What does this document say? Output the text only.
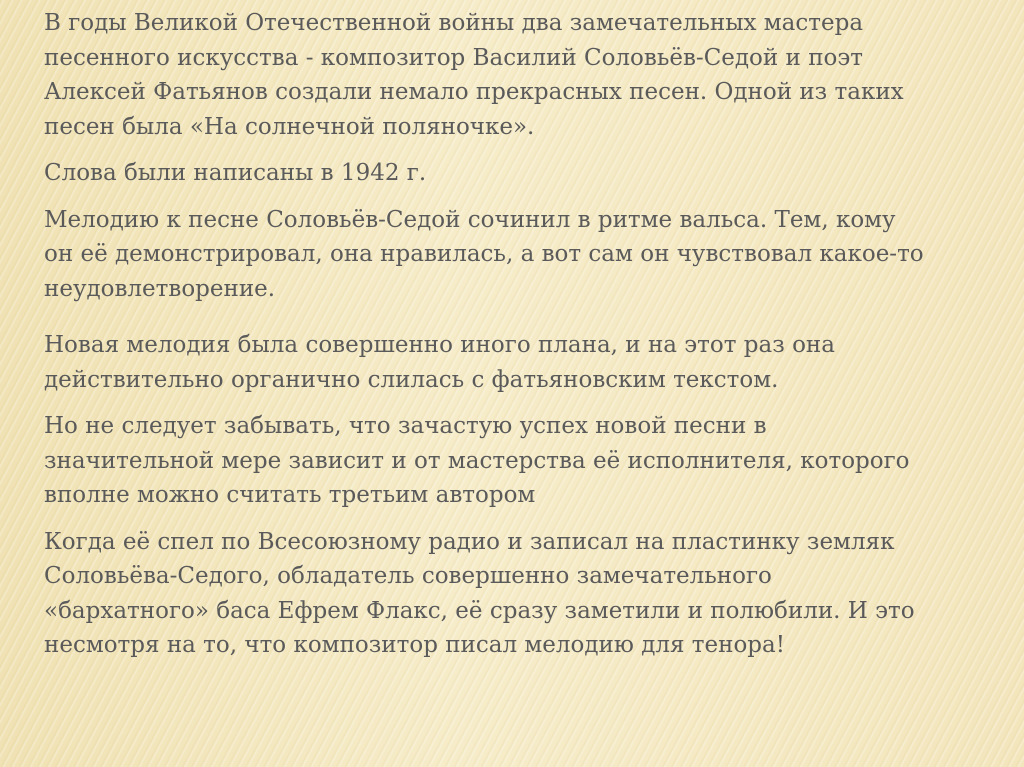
В годы Великой Отечественной войны два замечательных мастера
песенного искусства - композитор Василий Соловьёв-Седой и поэт
Алексей Фатьянов создали немало прекрасных песен. Одной из таких
песен была «На солнечной поляночке».

Слова были написаны в 1942 г.

Мелодию к песне Соловьёв-Седой сочинил в ритме вальса. Тем, кому
он её демонстрировал, она нравилась, а вот сам он чувствовал какое-то
неудовлетворение.

Новая мелодия была совершенно иного плана, и на этот раз она
действительно органично слилась с фатьяновским текстом.

Но не следует забывать, что зачастую успех новой песни в
значительной мере зависит и от мастерства её исполнителя, которого
вполне можно считать третьим автором

Когда её спел по Всесоюзному радио и записал на пластинку земляк
Соловьёва-Седого, обладатель совершенно замечательного
«бархатного» баса Ефрем Флакс, её сразу заметили и полюбили. И это
несмотря на то, что композитор писал мелодию для тенора!
